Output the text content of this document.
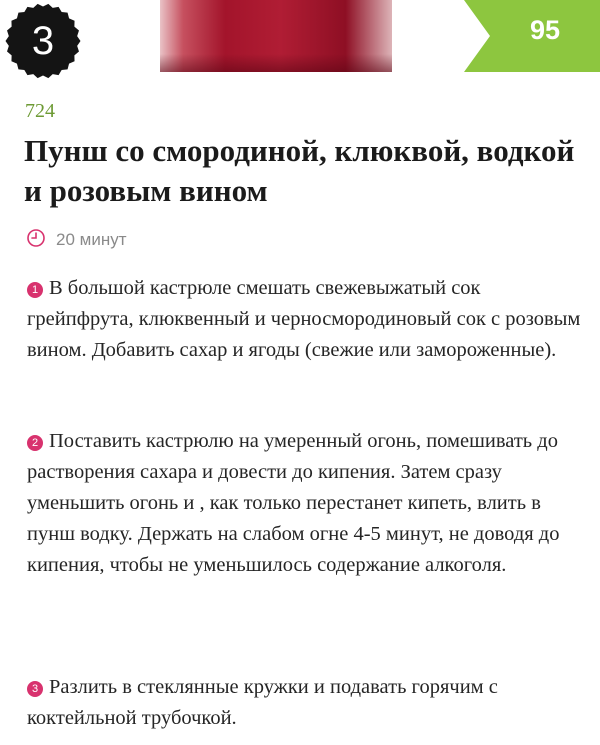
3	95
724
Пунш со смородиной, клюквой, водкой и розовым вином
20 минут

1 В большой кастрюле смешать свежевыжатый сок грейпфрута, клюквенный и черносмородиновый сок с розовым вином. Добавить сахар и ягоды (свежие или замороженные).

2 Поставить кастрюлю на умеренный огонь, помешивать до растворения сахара и довести до кипения. Затем сразу уменьшить огонь и , как только перестанет кипеть, влить в пунш водку. Держать на слабом огне 4-5 минут, не доводя до кипения, чтобы не уменьшилось содержание алкоголя.

3 Разлить в стеклянные кружки и подавать горячим с коктейльной трубочкой.
